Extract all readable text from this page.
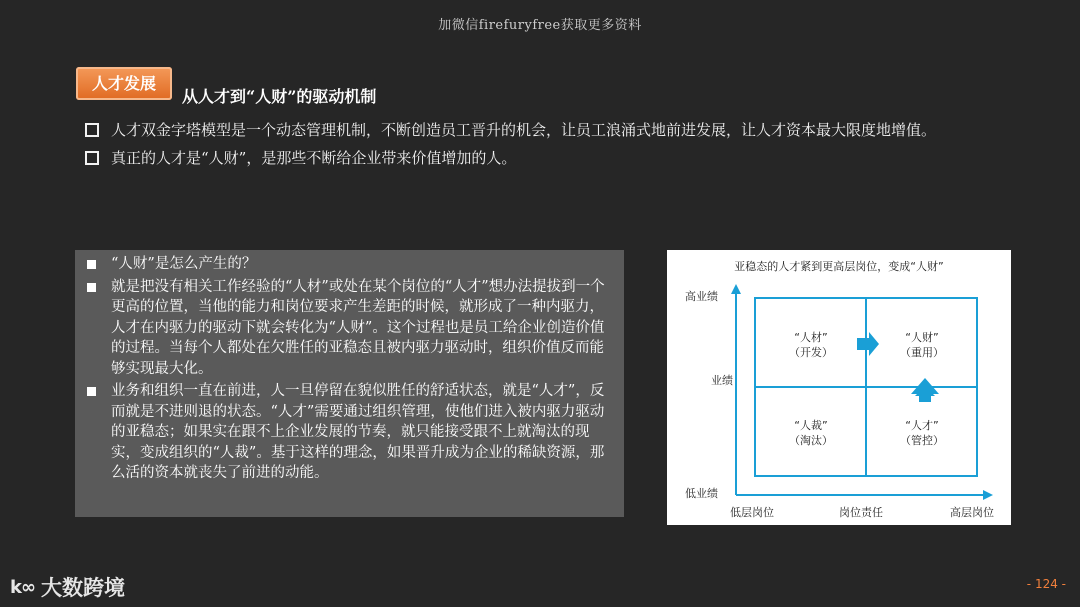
加微信firefuryfree获取更多资料
人才发展
从人才到“人财”的驱动机制
人才双金字塔模型是一个动态管理机制，不断创造员工晋升的机会，让员工浪涌式地前进发展，让人才资本最大限度地增值。
真正的人才是“人财”，是那些不断给企业带来价值增加的人。
“人财”是怎么产生的？
就是把没有相关工作经验的“人材”或处在某个岗位的“人才”想办法提拔到一个更高的位置，当他的能力和岗位要求产生差距的时候，就形成了一种内驱力，人才在内驱力的驱动下就会转化为“人财”。这个过程也是员工给企业创造价值的过程。当每个人都处在欠胜任的亚稳态且被内驱力驱动时，组织价值反而能够实现最大化。
业务和组织一直在前进，人一旦停留在貌似胜任的舒适状态，就是“人才”，反而就是不进则退的状态。“人才”需要通过组织管理，使他们进入被内驱力驱动的亚稳态；如果实在跟不上企业发展的节奏，就只能接受跟不上就淘汰的现实，变成组织的“人裁”。基于这样的理念，如果晋升成为企业的稀缺资源，那么活的资本就丧失了前进的动能。
亚稳态的人才紧到更高层岗位，变成“人财”
高业绩
业绩
低业绩
低层岗位	岗位责任	高层岗位
“人材”
（开发）
“人财”
（重用）
“人裁”
（淘汰）
“人才”
（管控）
k∞ 大数跨境	- 124 -
